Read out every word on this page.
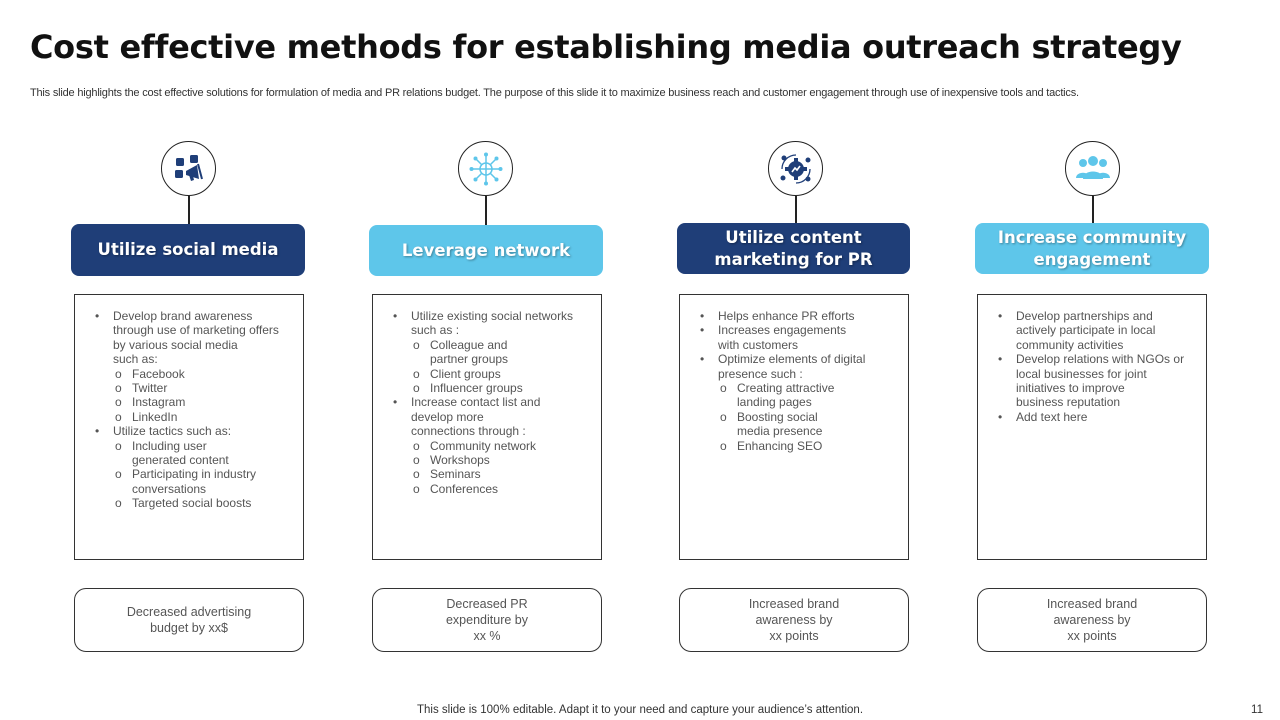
Cost effective methods for establishing media outreach strategy
This slide highlights the cost effective solutions for formulation of media and PR relations budget. The purpose of this slide it to maximize business reach and customer engagement through use of inexpensive tools and tactics.
Utilize social media
• Develop brand awareness
through use of marketing offers
by various social media
such as:
o Facebook
o Twitter
o Instagram
o LinkedIn
• Utilize tactics such as:
o Including user
generated content
o Participating in industry
conversations
o Targeted social boosts
Decreased advertising
budget by xx$
Leverage network
• Utilize existing social networks
such as :
o Colleague and
partner groups
o Client groups
o Influencer groups
• Increase contact list and
develop more
connections through :
o Community network
o Workshops
o Seminars
o Conferences
Decreased PR
expenditure by
xx %
Utilize content
marketing for PR
• Helps enhance PR efforts
• Increases engagements
with customers
• Optimize elements of digital
presence such :
o Creating attractive
landing pages
o Boosting social
media presence
o Enhancing SEO
Increased brand
awareness by
xx points
Increase community
engagement
• Develop partnerships and
actively participate in local
community activities
• Develop relations with NGOs or
local businesses for joint
initiatives to improve
business reputation
• Add text here
Increased brand
awareness by
xx points
This slide is 100% editable. Adapt it to your need and capture your audience’s attention.	11
